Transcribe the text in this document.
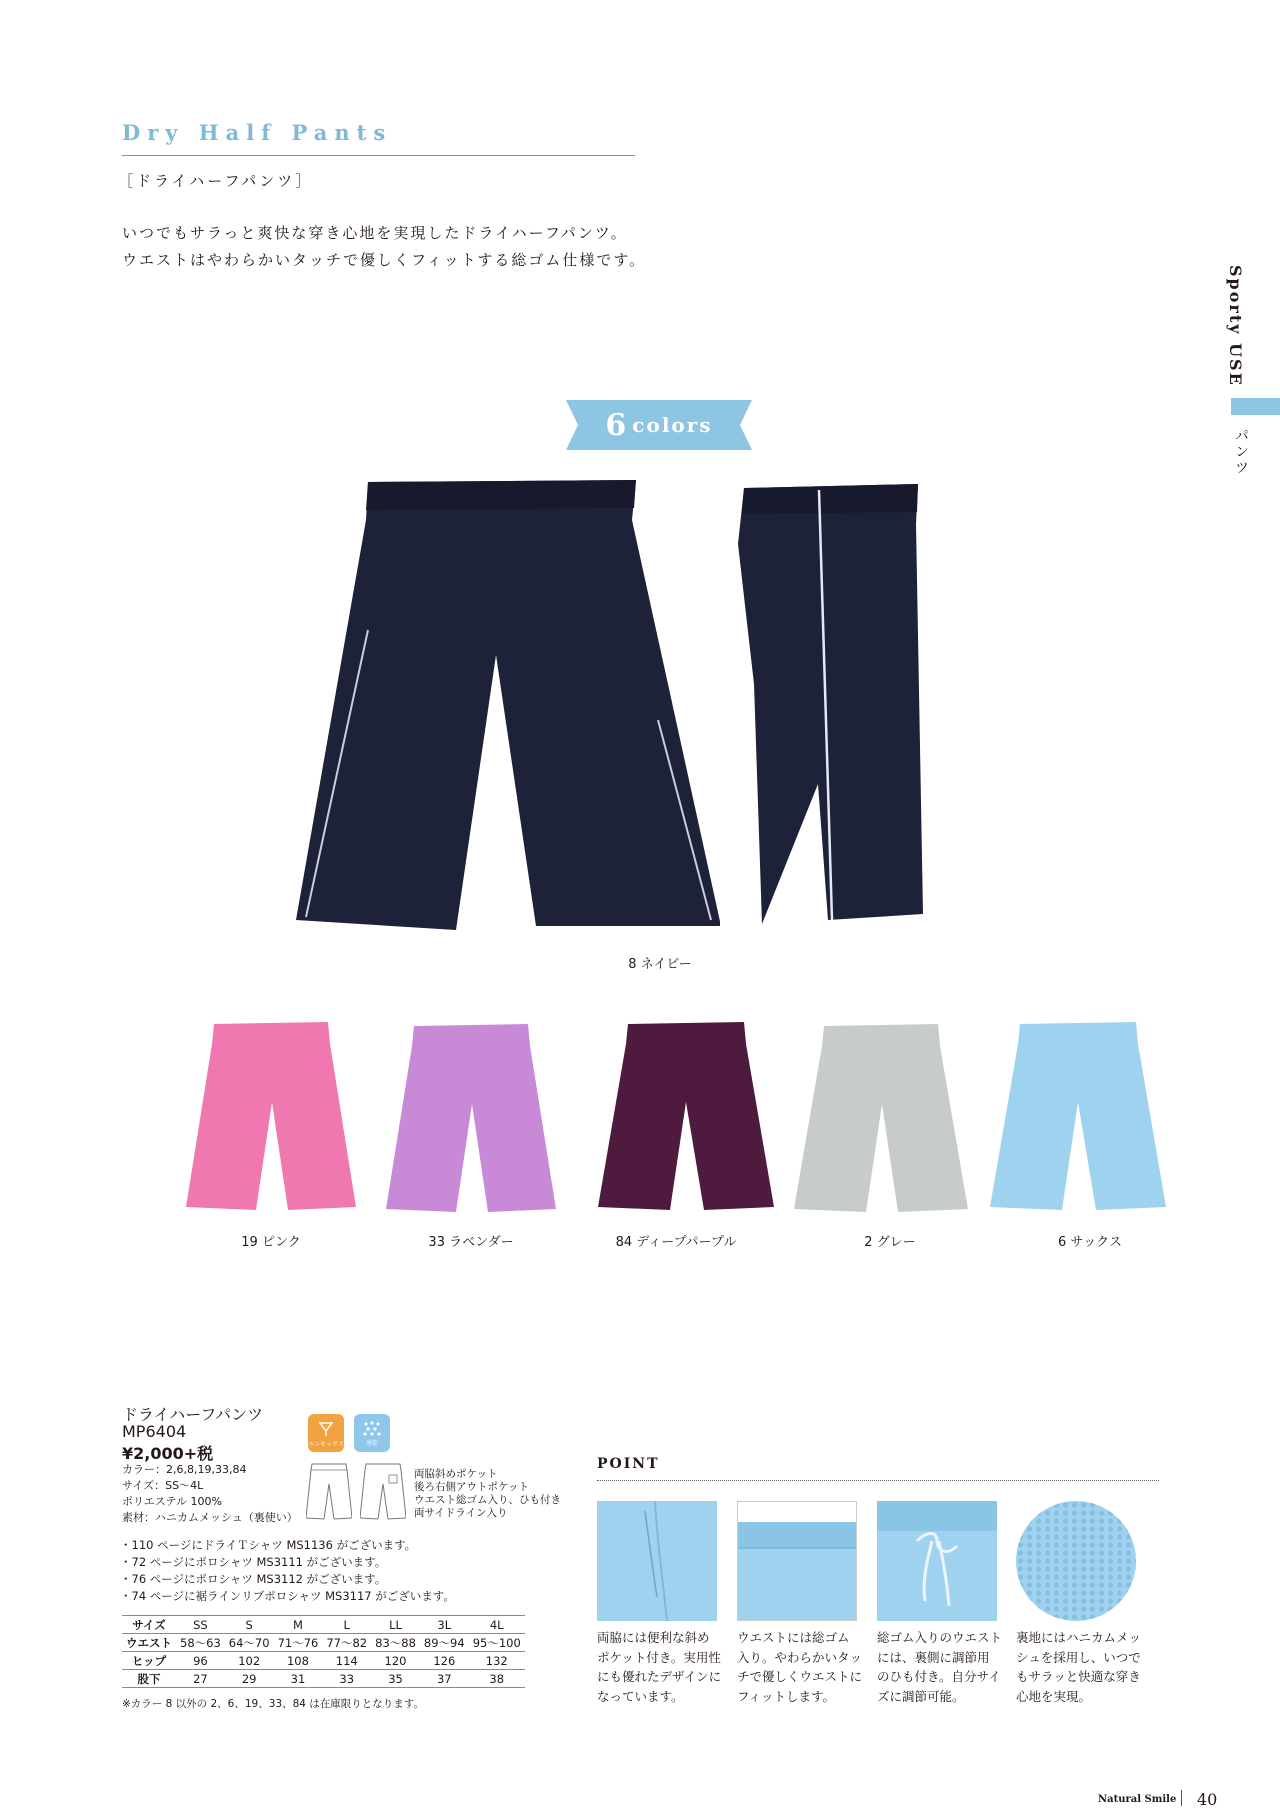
Dry Half Pants
［ドライハーフパンツ］
いつでもサラっと爽快な穿き心地を実現したドライハーフパンツ。
ウエストはやわらかいタッチで優しくフィットする総ゴム仕様です。
Sporty USE
パンツ
6 colors
8 ネイビー
19 ピンク	33 ラベンダー	84 ディープパープル	2 グレー	6 サックス
ドライハーフパンツ
MP6404
¥2,000+税
カラー：2,6,8,19,33,84
サイズ：SS〜4L
ポリエステル 100%
素材：ハニカムメッシュ（裏使い）
ユニセックス	速乾
両脇斜めポケット
後ろ右側アウトポケット
ウエスト総ゴム入り、ひも付き
両サイドライン入り
・110 ページにドライＴシャツ MS1136 がございます。
・72 ページにポロシャツ MS3111 がございます。
・76 ページにポロシャツ MS3112 がございます。
・74 ページに裾ラインリブポロシャツ MS3117 がございます。
サイズ	SS	S	M	L	LL	3L	4L
ウエスト	58〜63	64〜70	71〜76	77〜82	83〜88	89〜94	95〜100
ヒップ	96	102	108	114	120	126	132
股下	27	29	31	33	35	37	38
※カラー 8 以外の 2、6、19、33、84 は在庫限りとなります。
POINT
両脇には便利な斜め
ポケット付き。実用性
にも優れたデザインに
なっています。
ウエストには総ゴム
入り。やわらかいタッ
チで優しくウエストに
フィットします。
総ゴム入りのウエスト
には、裏側に調節用
のひも付き。自分サイ
ズに調節可能。
裏地にはハニカムメッ
シュを採用し、いつで
もサラッと快適な穿き
心地を実現。
Natural Smile 40
